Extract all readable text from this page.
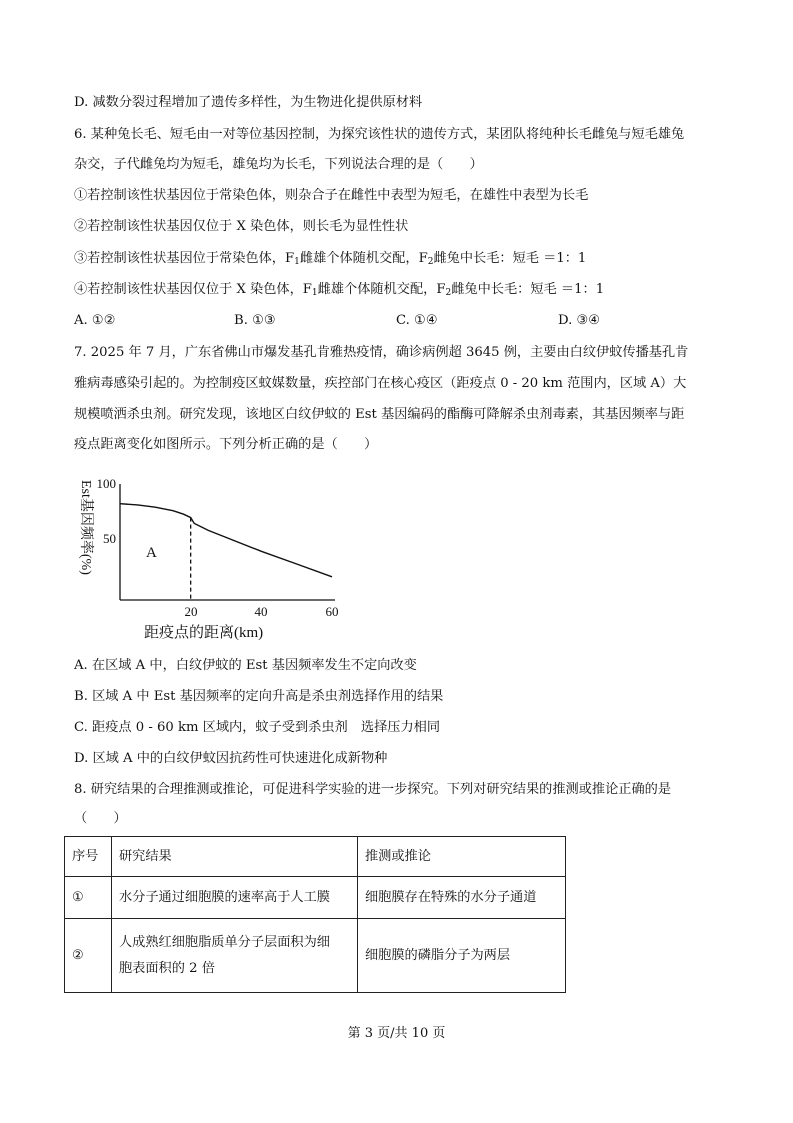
D. 减数分裂过程增加了遗传多样性，为生物进化提供原材料
6. 某种兔长毛、短毛由一对等位基因控制，为探究该性状的遗传方式，某团队将纯种长毛雌兔与短毛雄兔
杂交，子代雌兔均为短毛，雄兔均为长毛，下列说法合理的是（　　）
①若控制该性状基因位于常染色体，则杂合子在雌性中表型为短毛，在雄性中表型为长毛
②若控制该性状基因仅位于 X 染色体，则长毛为显性性状
③若控制该性状基因位于常染色体，$F_1$雌雄个体随机交配，$F_2$雌兔中长毛：短毛 ＝1：1
④若控制该性状基因仅位于 X 染色体，$F_1$雌雄个体随机交配，$F_2$雌兔中长毛：短毛 ＝1：1
A. ①②	B. ①③	C. ①④	D. ③④
7. 2025 年 7 月，广东省佛山市爆发基孔肯雅热疫情，确诊病例超 3645 例，主要由白纹伊蚊传播基孔肯
雅病毒感染引起的。为控制疫区蚊媒数量，疾控部门在核心疫区（距疫点 0 - 20 km 范围内，区域 A）大
规模喷洒杀虫剂。研究发现，该地区白纹伊蚊的 Est 基因编码的酯酶可降解杀虫剂毒素，其基因频率与距
疫点距离变化如图所示。下列分析正确的是（　　）
Est基因频率(%)
距疫点的距离(km)
A
100
50
20	40	60
A. 在区域 A 中，白纹伊蚊的 Est 基因频率发生不定向改变
B. 区域 A 中 Est 基因频率的定向升高是杀虫剂选择作用的结果
C. 距疫点 0 - 60 km 区域内，蚊子受到杀虫剂　选择压力相同
D. 区域 A 中的白纹伊蚊因抗药性可快速进化成新物种
8. 研究结果的合理推测或推论，可促进科学实验的进一步探究。下列对研究结果的推测或推论正确的是
（　　）
序号	研究结果	推测或推论
①	水分子通过细胞膜的速率高于人工膜	细胞膜存在特殊的水分子通道
②	人成熟红细胞脂质单分子层面积为细
胞表面积的 2 倍	细胞膜的磷脂分子为两层
第 3 页/共 10 页
